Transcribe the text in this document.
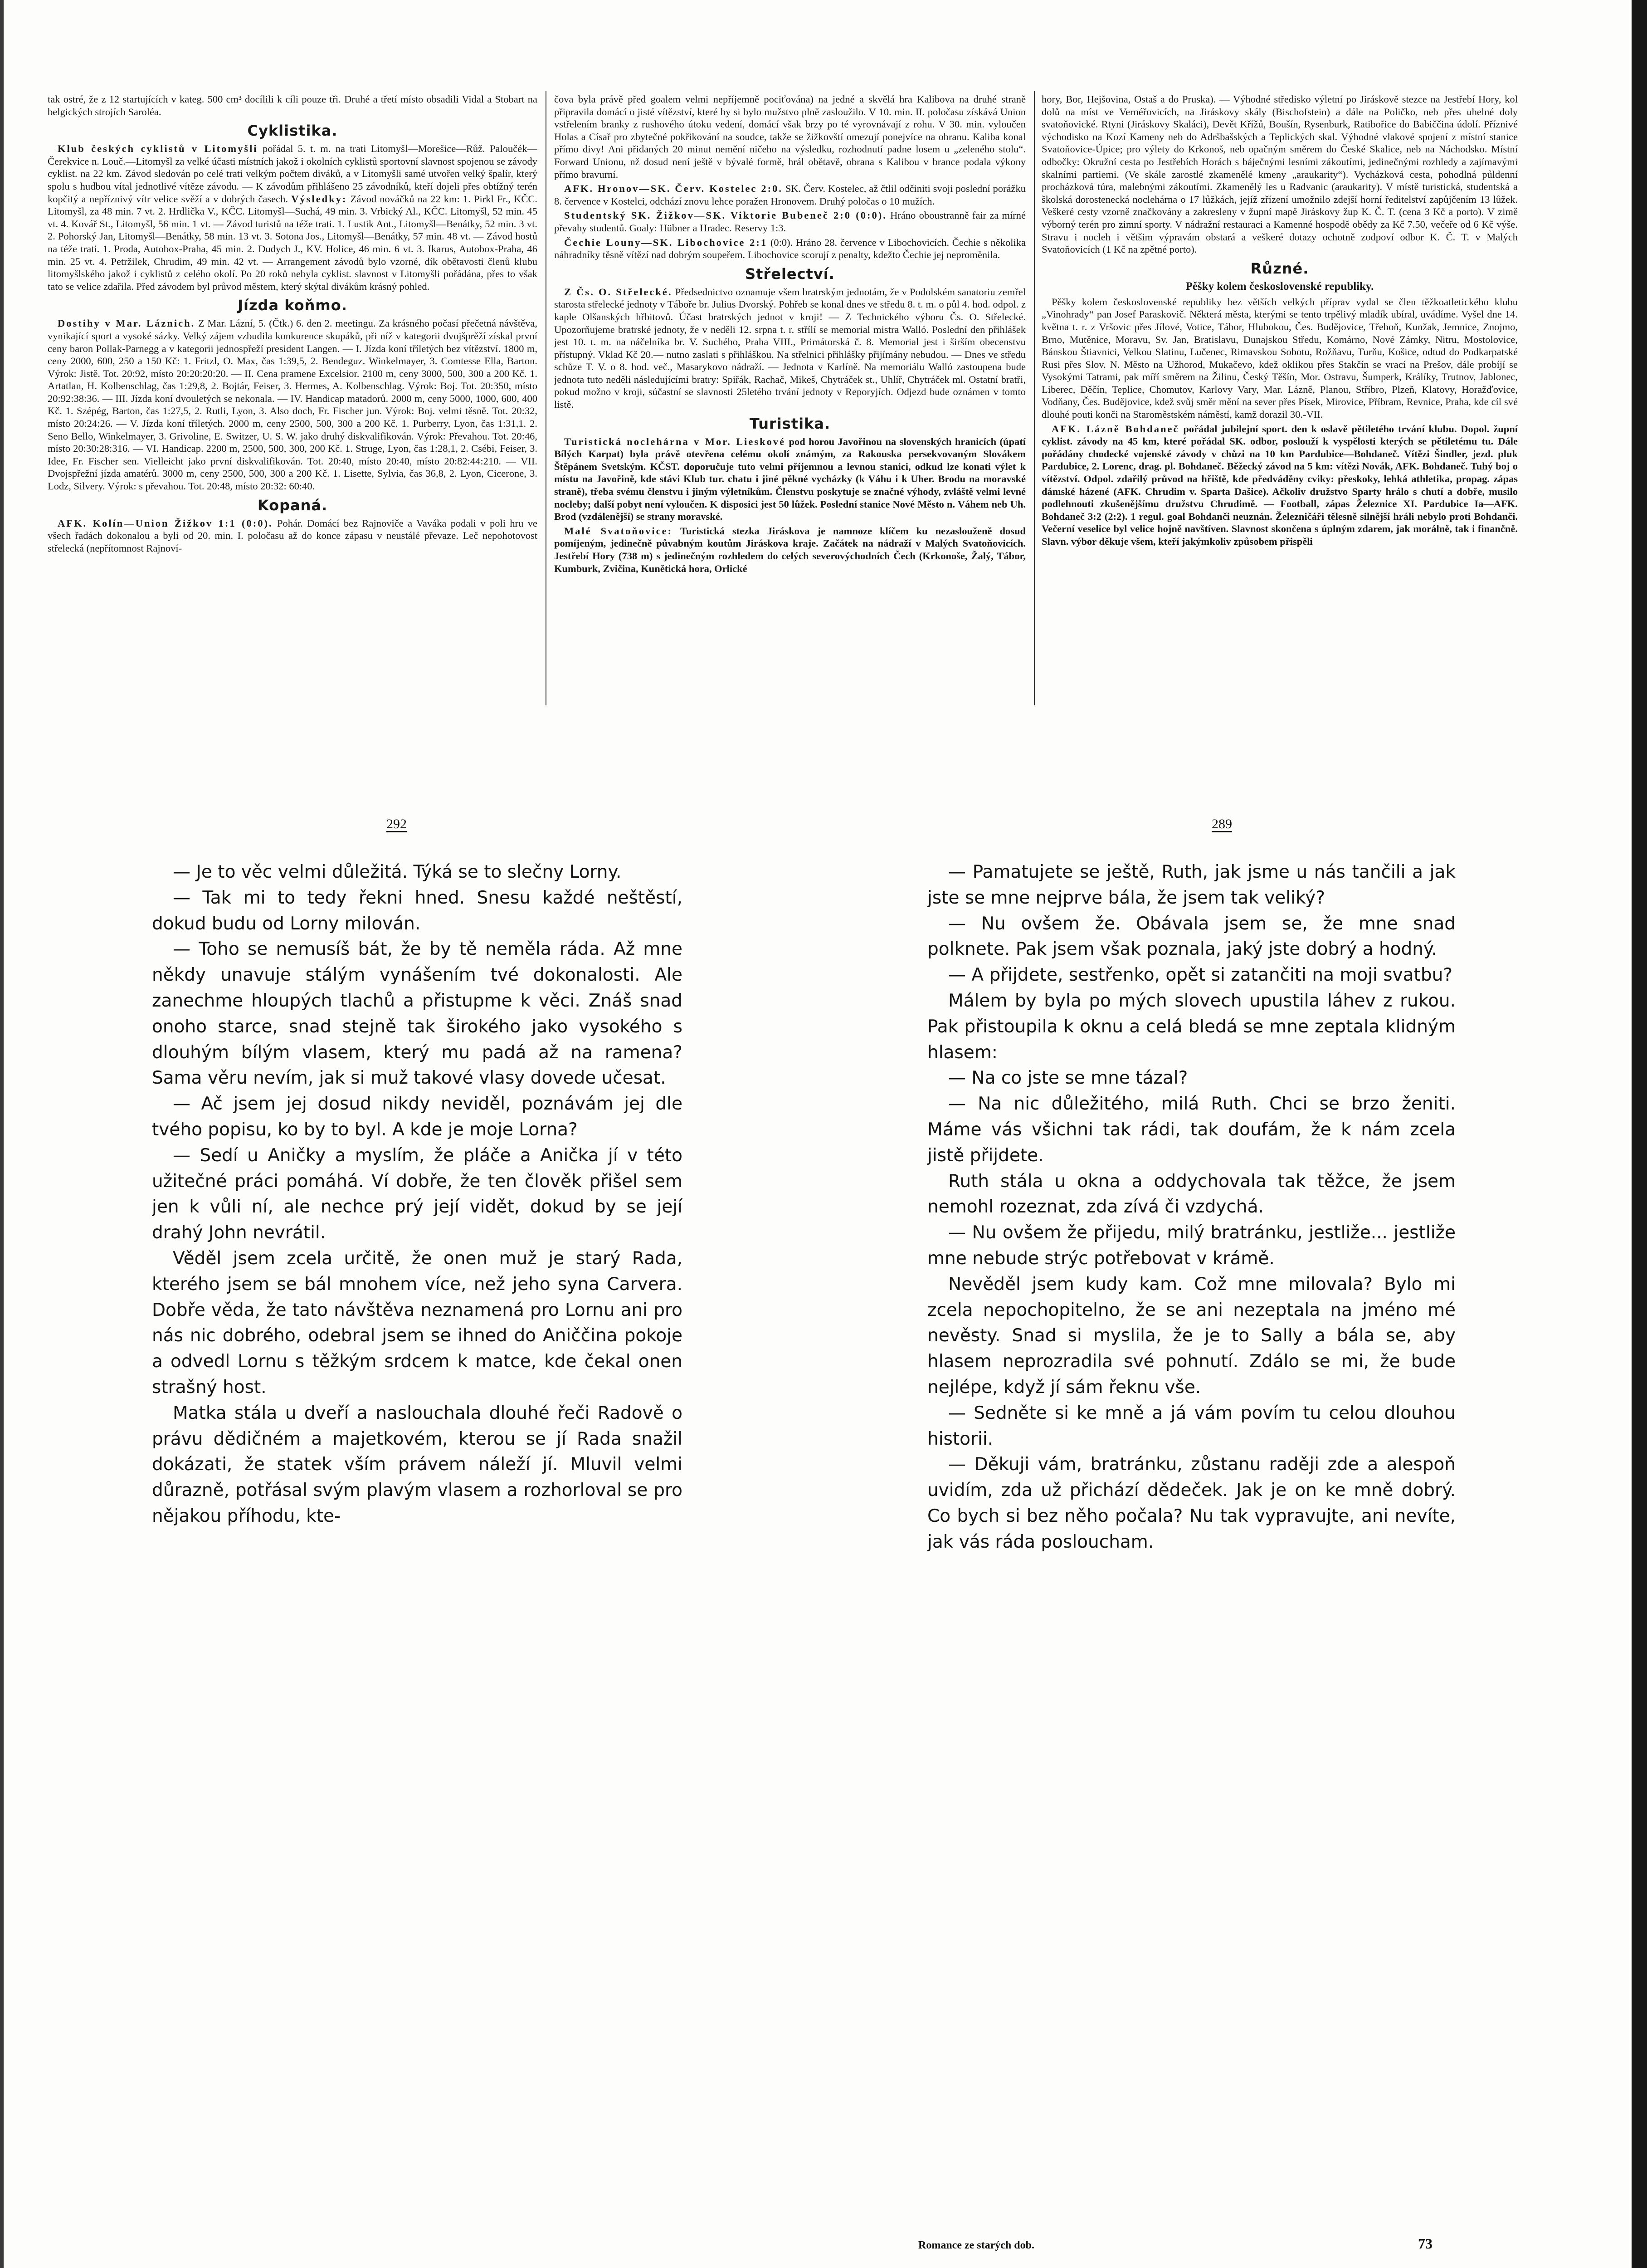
tak ostré, že z 12 startujících v kateg. 500 cm³ docílili k cíli pouze tři. Druhé a třetí místo obsadili Vidal a Stobart na belgických strojích Saroléa.

Cyklistika.

Klub českých cyklistů v Litomyšli pořádal 5. t. m. na trati Litomyšl—Morešice—Růž. Paloučék—Čerekvice n. Louč.—Litomyšl za velké účasti místních jakož i okolních cyklistů sportovní slavnost spojenou se závody cyklist. na 22 km. Závod sledován po celé trati velkým počtem diváků, a v Litomyšli samé utvořen velký špalír, který spolu s hudbou vítal jednotlivé vítěze závodu. — K závodům přihlášeno 25 závodníků, kteří dojeli přes obtížný terén kopčitý a nepříznivý vítr velice svěží a v dobrých časech. Výsledky: Závod nováčků na 22 km: 1. Pirkl Fr., KČC. Litomyšl, za 48 min. 7 vt. 2. Hrdlička V., KČC. Litomyšl—Suchá, 49 min. 3. Vrbický Al., KČC. Litomyšl, 52 min. 45 vt. 4. Kovář St., Litomyšl, 56 min. 1 vt. — Závod turistů na téže trati. 1. Lustik Ant., Litomyšl—Benátky, 52 min. 3 vt. 2. Pohorský Jan, Litomyšl—Benátky, 58 min. 13 vt. 3. Sotona Jos., Litomyšl—Benátky, 57 min. 48 vt. — Závod hostů na téže trati. 1. Proda, Autobox-Praha, 45 min. 2. Dudych J., KV. Holice, 46 min. 6 vt. 3. Ikarus, Autobox-Praha, 46 min. 25 vt. 4. Petržilek, Chrudim, 49 min. 42 vt. — Arrangement závodů bylo vzorné, dík obětavosti členů klubu litomyšlského jakož i cyklistů z celého okolí. Po 20 roků nebyla cyklist. slavnost v Litomyšli pořádána, přes to však tato se velice zdařila. Před závodem byl průvod městem, který skýtal divákům krásný pohled.

Jízda koňmo.

Dostihy v Mar. Láznich. Z Mar. Lázní, 5. (Čtk.) 6. den 2. meetingu. Za krásného počasí přečetná návštěva, vynikající sport a vysoké sázky. Velký zájem vzbudila konkurence skupáků, při níž v kategorii dvojšprěží získal první ceny baron Pollak-Parnegg a v kategorii jednospřeží president Langen. — I. Jízda koní tříletých bez vítězství. 1800 m, ceny 2000, 600, 250 a 150 Kč: 1. Fritzl, O. Max, čas 1:39,5, 2. Bendeguz. Winkelmayer, 3. Comtesse Ella, Barton. Výrok: Jistě. Tot. 20:92, místo 20:20:20:20. — II. Cena pramene Excelsior. 2100 m, ceny 3000, 500, 300 a 200 Kč. 1. Artatlan, H. Kolbenschlag, čas 1:29,8, 2. Bojtár, Feiser, 3. Hermes, A. Kolbenschlag. Výrok: Boj. Tot. 20:350, místo 20:92:38:36. — III. Jízda koní dvouletých se nekonala. — IV. Handicap matadorů. 2000 m, ceny 5000, 1000, 600, 400 Kč. 1. Szépég, Barton, čas 1:27,5, 2. Rutli, Lyon, 3. Also doch, Fr. Fischer jun. Výrok: Boj. velmi těsně. Tot. 20:32, místo 20:24:26. — V. Jízda koní tříletých. 2000 m, ceny 2500, 500, 300 a 200 Kč. 1. Purberry, Lyon, čas 1:31,1. 2. Seno Bello, Winkelmayer, 3. Grivoline, E. Switzer, U. S. W. jako druhý diskvalifikován. Výrok: Převahou. Tot. 20:46, místo 20:30:28:316. — VI. Handicap. 2200 m, 2500, 500, 300, 200 Kč. 1. Struge, Lyon, čas 1:28,1, 2. Csébi, Feiser, 3. Idee, Fr. Fischer sen. Vielleicht jako první diskvalifikován. Tot. 20:40, místo 20:40, místo 20:82:44:210. — VII. Dvojspřežní jízda amatérů. 3000 m, ceny 2500, 500, 300 a 200 Kč. 1. Lisette, Sylvia, čas 36,8, 2. Lyon, Cicerone, 3. Lodz, Silvery. Výrok: s převahou. Tot. 20:48, místo 20:32: 60:40.

Kopaná.

AFK. Kolín—Union Žižkov 1:1 (0:0). Pohár. Domácí bez Rajnoviče a Vaváka podali v poli hru ve všech řadách dokonalou a byli od 20. min. I. poločasu až do konce zápasu v neustálé převaze. Leč nepohotovost střelecká (nepřítomnost Rajnoví-

čova byla právě před goalem velmi nepříjemně pociťována) na jedné a skvělá hra Kalibova na druhé straně připravila domácí o jisté vítězství, které by si bylo mužstvo plně zasloužilo. V 10. min. II. poločasu získává Union vstřelením branky z rushového útoku vedení, domácí však brzy po té vyrovnávají z rohu. V 30. min. vyloučen Holas a Císař pro zbytečné pokřikování na soudce, takže se žižkovští omezují ponejvíce na obranu. Kaliba konal přímo divy! Ani přidaných 20 minut nemění ničeho na výsledku, rozhodnutí padne losem u „zeleného stolu“. Forward Unionu, nž dosud není ještě v bývalé formě, hrál obětavě, obrana s Kalibou v brance podala výkony přímo bravurní.

AFK. Hronov—SK. Červ. Kostelec 2:0. SK. Červ. Kostelec, až čtlil odčiniti svoji poslední porážku 8. července v Kostelci, odchází znovu lehce poražen Hronovem. Druhý poločas o 10 mužích.

Studentský SK. Žižkov—SK. Viktorie Bubeneč 2:0 (0:0). Hráno oboustranně fair za mírné převahy studentů. Goaly: Hübner a Hradec. Reservy 1:3.

Čechie Louny—SK. Libochovice 2:1 (0:0). Hráno 28. července v Libochovicích. Čechie s několika náhradníky těsně vítězí nad dobrým soupeřem. Libochovice scorují z penalty, kdežto Čechie jej neproměnila.

Střelectví.

Z Čs. O. Střelecké. Předsednictvo oznamuje všem bratrským jednotám, že v Podolském sanatoriu zemřel starosta střelecké jednoty v Táboře br. Julius Dvorský. Pohřeb se konal dnes ve středu 8. t. m. o půl 4. hod. odpol. z kaple Olšanských hřbitovů. Účast bratrských jednot v kroji! — Z Technického výboru Čs. O. Střelecké. Upozorňujeme bratrské jednoty, že v neděli 12. srpna t. r. střílí se memorial mistra Walló. Poslední den přihlášek jest 10. t. m. na náčelníka br. V. Suchého, Praha VIII., Primátorská č. 8. Memorial jest i širším obecenstvu přístupný. Vklad Kč 20.— nutno zaslati s přihláškou. Na střelnici přihlášky přijímány nebudou. — Dnes ve středu schůze T. V. o 8. hod. več., Masarykovo nádraží. — Jednota v Karlíně. Na memoriálu Walló zastoupena bude jednota tuto neděli následujícími bratry: Spiřák, Rachač, Mikeš, Chytráček st., Uhlíř, Chytráček ml. Ostatní bratři, pokud možno v kroji, súčastní se slavnosti 25letého trvání jednoty v Reporyjích. Odjezd bude oznámen v tomto listě.

Turistika.

Turistická noclehárna v Mor. Lieskové pod horou Javořinou na slovenských hranicích (úpatí Bílých Karpat) byla právě otevřena celému okolí známým, za Rakouska persekvovaným Slovákem Štěpánem Svetským. KČST. doporučuje tuto velmi příjemnou a levnou stanici, odkud lze konati výlet k místu na Javořině, kde stávi Klub tur. chatu i jiné pěkné vycházky (k Váhu i k Uher. Brodu na moravské straně), třeba svému členstvu i jiným výletníkům. Členstvu poskytuje se značné výhody, zvláště velmi levné nocleby; další pobyt není vyloučen. K disposici jest 50 lůžek. Poslední stanice Nové Město n. Váhem neb Uh. Brod (vzdálenější) se strany moravské.

Malé Svatoňovice: Turistická stezka Jiráskova je namnoze klíčem ku nezaslouženě dosud pomíjeným, jedinečně půvabným koutům Jiráskova kraje. Začátek na nádraží v Malých Svatoňovicích. Jestřebí Hory (738 m) s jedinečným rozhledem do celých severovýchodních Čech (Krkonoše, Žalý, Tábor, Kumburk, Zvičina, Kunětická hora, Orlické

hory, Bor, Hejšovina, Ostaš a do Pruska). — Výhodné středisko výletní po Jiráskově stezce na Jestřebí Hory, kol dolů na míst ve Vernéřovicích, na Jiráskovy skály (Bischofstein) a dále na Poličko, neb přes uhelné doly svatoňovické. Rtyni (Jiráskovy Skaláci), Devět Křížů, Boušín, Rysenburk, Ratibořice do Babiččina údolí. Příznivé východisko na Kozí Kameny neb do Adršbašských a Teplických skal. Výhodné vlakové spojení z místní stanice Svatoňovice-Úpice; pro výlety do Krkonoš, neb opačným směrem do České Skalice, neb na Náchodsko. Místní odbočky: Okružní cesta po Jestřebích Horách s báječnými lesními zákoutími, jedinečnými rozhledy a zajímavými skalními partiemi. (Ve skále zarostlé zkamenělé kmeny „araukarity“). Vycházková cesta, pohodlná půldenní procházková túra, malebnými zákoutími. Zkamenělý les u Radvanic (araukarity). V místě turistická, studentská a školská dorostenecká noclehárna o 17 lůžkách, jejíž zřízení umožnilo zdejší horní ředitelství zapůjčením 13 lůžek. Veškeré cesty vzorně značkovány a zakresleny v župní mapě Jiráskovy žup K. Č. T. (cena 3 Kč a porto). V zimě výborný terén pro zimní sporty. V nádražní restauraci a Kamenné hospodě obědy za Kč 7.50, večeře od 6 Kč výše. Stravu i nocleh i většim výpravám obstará a veškeré dotazy ochotně zodpoví odbor K. Č. T. v Malých Svatoňovicích (1 Kč na zpětné porto).

Různé.
Pěšky kolem československé republiky.

Pěšky kolem československé republiky bez větších velkých příprav vydal se člen těžkoatletického klubu „Vinohrady“ pan Josef Paraskovič. Některá města, kterými se tento trpělivý mladík ubíral, uvádíme. Vyšel dne 14. května t. r. z Vršovic přes Jílové, Votice, Tábor, Hlubokou, Čes. Budějovice, Třeboň, Kunžak, Jemnice, Znojmo, Brno, Mutěnice, Moravu, Sv. Jan, Bratislavu, Dunajskou Středu, Komárno, Nové Zámky, Nitru, Mostolovice, Bánskou Štiavnici, Velkou Slatinu, Lučenec, Rimavskou Sobotu, Rožňavu, Turňu, Košice, odtud do Podkarpatské Rusi přes Slov. N. Město na Užhorod, Mukačevo, kdež oklikou přes Stakčín se vrací na Prešov, dále probíjí se Vysokými Tatrami, pak míří směrem na Žilinu, Český Těšín, Mor. Ostravu, Šumperk, Králíky, Trutnov, Jablonec, Liberec, Děčín, Teplice, Chomutov, Karlovy Vary, Mar. Lázně, Planou, Stříbro, Plzeň, Klatovy, Horažďovice, Vodňany, Čes. Budějovice, kdež svůj směr mění na sever přes Písek, Mirovice, Příbram, Revnice, Praha, kde cíl své dlouhé pouti konči na Staroměstském náměstí, kamž dorazil 30.-VII.

AFK. Lázně Bohdaneč pořádal jubilejní sport. den k oslavě pětiletého trvání klubu. Dopol. župní cyklist. závody na 45 km, které pořádal SK. odbor, poslouží k vyspělosti kterých se pětiletému tu. Dále pořádány chodecké vojenské závody v chůzi na 10 km Pardubice—Bohdaneč. Vítězi Šindler, jezd. pluk Pardubice, 2. Lorenc, drag. pl. Bohdaneč. Běžecký závod na 5 km: vítězi Novák, AFK. Bohdaneč. Tuhý boj o vítězství. Odpol. zdařilý průvod na hřiště, kde předváděny cviky: přeskoky, lehká athletika, propag. zápas dámské házené (AFK. Chrudim v. Sparta Dašice). Ačkoliv družstvo Sparty hrálo s chutí a dobře, musilo podlehnouti zkušenějšímu družstvu Chrudimě. — Football, zápas Železnice XI. Pardubice Ia—AFK. Bohdaneč 3:2 (2:2). 1 regul. goal Bohdanči neuznán. Železničáři tělesně silnější hráli nebylo proti Bohdanči. Večerní veselice byl velice hojně navštíven. Slavnost skončena s úplným zdarem, jak morálně, tak i finančně. Slavn. výbor děkuje všem, kteří jakýmkoliv způsobem přispěli

292	289

— Je to věc velmi důležitá. Týká se to slečny Lorny.

— Tak mi to tedy řekni hned. Snesu každé neštěstí, dokud budu od Lorny milován.

— Toho se nemusíš bát, že by tě neměla ráda. Až mne někdy unavuje stálým vynášením tvé dokonalosti. Ale zanechme hloupých tlachů a přistupme k věci. Znáš snad onoho starce, snad stejně tak širokého jako vysokého s dlouhým bílým vlasem, který mu padá až na ramena? Sama věru nevím, jak si muž takové vlasy dovede učesat.

— Ač jsem jej dosud nikdy neviděl, poznávám jej dle tvého popisu, ko by to byl. A kde je moje Lorna?

— Sedí u Aničky a myslím, že pláče a Anička jí v této užitečné práci pomáhá. Ví dobře, že ten člověk přišel sem jen k vůli ní, ale nechce prý její vidět, dokud by se její drahý John nevrátil.

Věděl jsem zcela určitě, že onen muž je starý Rada, kterého jsem se bál mnohem více, než jeho syna Carvera. Dobře věda, že tato návštěva neznamená pro Lornu ani pro nás nic dobrého, odebral jsem se ihned do Aniččina pokoje a odvedl Lornu s těžkým srdcem k matce, kde čekal onen strašný host.

Matka stála u dveří a naslouchala dlouhé řeči Radově o právu dědičném a majetkovém, kterou se jí Rada snažil dokázati, že statek vším právem náleží jí. Mluvil velmi důrazně, potřásal svým plavým vlasem a rozhorloval se pro nějakou příhodu, kte-

— Pamatujete se ještě, Ruth, jak jsme u nás tančili a jak jste se mne nejprve bála, že jsem tak veliký?

— Nu ovšem že. Obávala jsem se, že mne snad polknete. Pak jsem však poznala, jaký jste dobrý a hodný.

— A přijdete, sestřenko, opět si zatančiti na moji svatbu?

Málem by byla po mých slovech upustila láhev z rukou. Pak přistoupila k oknu a celá bledá se mne zeptala klidným hlasem:

— Na co jste se mne tázal?

— Na nic důležitého, milá Ruth. Chci se brzo ženiti. Máme vás všichni tak rádi, tak doufám, že k nám zcela jistě přijdete.

Ruth stála u okna a oddychovala tak těžce, že jsem nemohl rozeznat, zda zívá či vzdychá.

— Nu ovšem že přijedu, milý bratránku, jestliže... jestliže mne nebude strýc potřebovat v krámě.

Nevěděl jsem kudy kam. Což mne milovala? Bylo mi zcela nepochopitelno, že se ani nezeptala na jméno mé nevěsty. Snad si myslila, že je to Sally a bála se, aby hlasem neprozradila své pohnutí. Zdálo se mi, že bude nejlépe, když jí sám řeknu vše.

— Sedněte si ke mně a já vám povím tu celou dlouhou historii.

— Děkuji vám, bratránku, zůstanu raději zde a alespoň uvidím, zda už přichází dědeček. Jak je on ke mně dobrý. Co bych si bez něho počala? Nu tak vypravujte, ani nevíte, jak vás ráda posloucham.

Romance ze starých dob.	73
